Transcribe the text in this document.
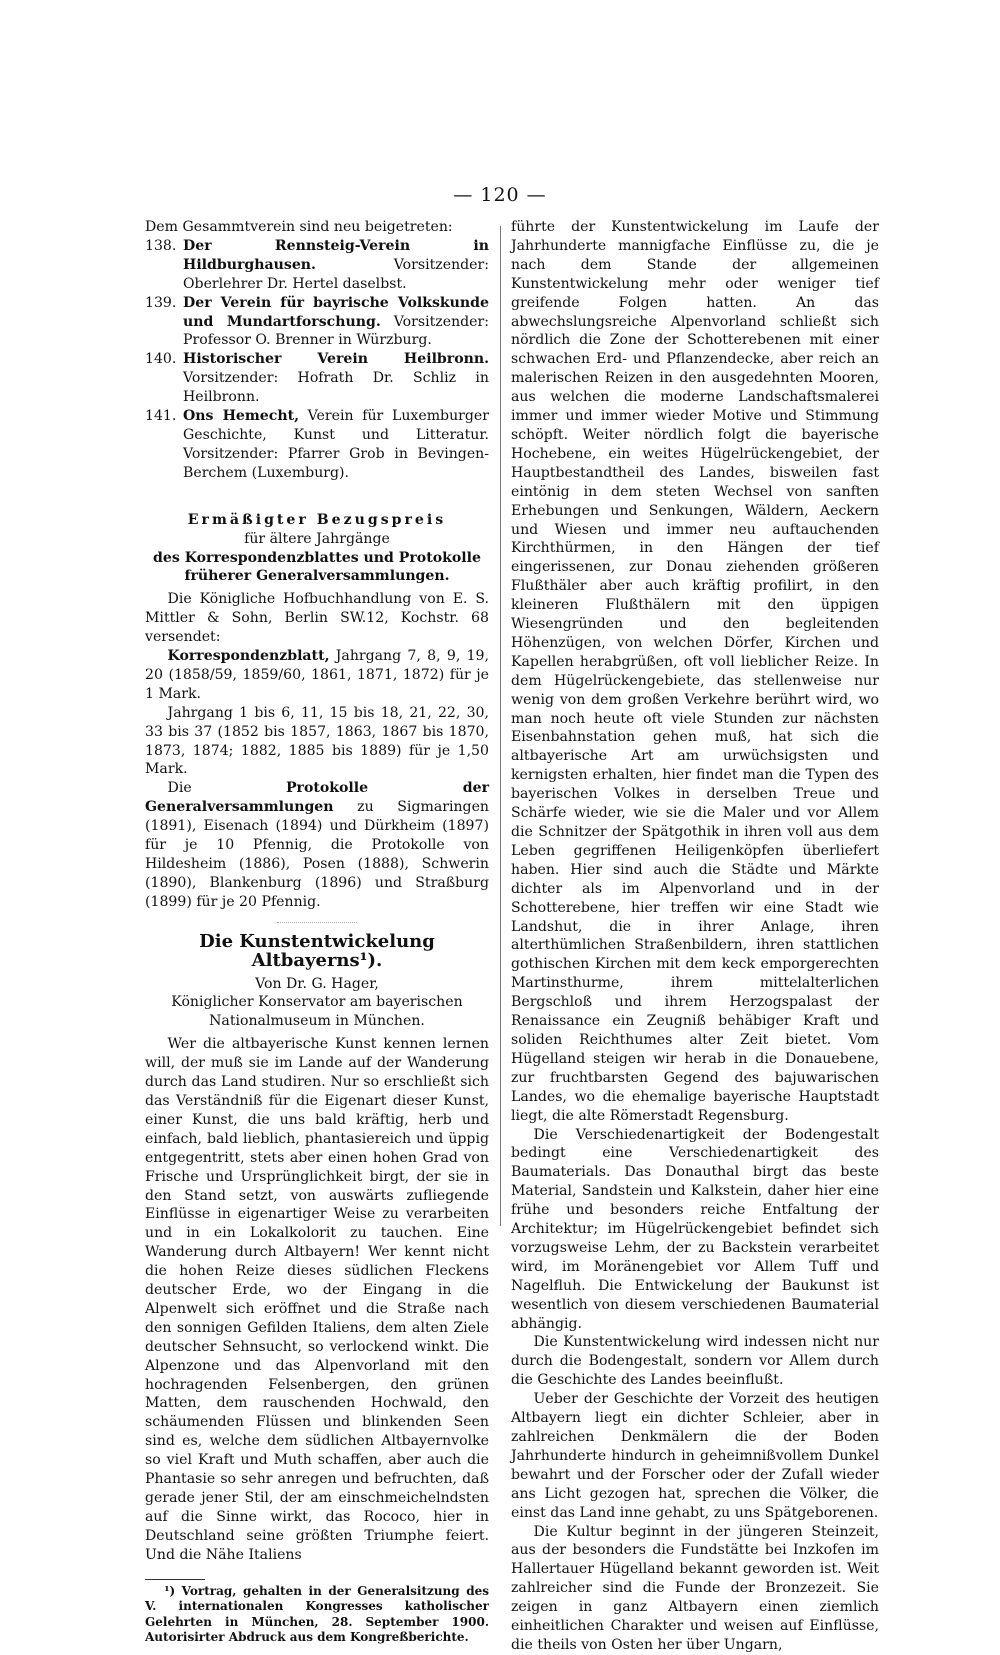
— 120 —

Dem Gesammtverein sind neu beigetreten:

138. Der Rennsteig-Verein in Hildburghausen.	Vorsitzender: Oberlehrer Dr. Hertel daselbst.
139. Der Verein für bayrische Volkskunde und Mundartforschung. Vorsitzender: Professor O. Brenner in Würzburg.
140. Historischer Verein Heilbronn. Vorsitzender: Hofrath Dr. Schliz in Heilbronn.
141. Ons Hemecht, Verein für Luxemburger Geschichte, Kunst und Litteratur. Vorsitzender: Pfarrer Grob in Bevingen-Berchem (Luxemburg).

Ermäßigter Bezugspreis

für ältere Jahrgänge

des Korrespondenzblattes und Protokolle früherer Generalversammlungen.

Die Königliche Hofbuchhandlung von E. S. Mittler & Sohn, Berlin SW.12, Kochstr. 68 versendet:

Korrespondenzblatt, Jahrgang 7, 8, 9, 19, 20 (1858/59, 1859/60, 1861, 1871, 1872) für je 1 Mark.

Jahrgang 1 bis 6, 11, 15 bis 18, 21, 22, 30, 33 bis 37 (1852 bis 1857, 1863, 1867 bis 1870, 1873, 1874; 1882, 1885 bis 1889) für je 1,50 Mark.

Die	Protokolle der Generalversammlungen zu Sigmaringen (1891), Eisenach (1894) und Dürkheim (1897) für je 10 Pfennig, die Protokolle von Hildesheim (1886), Posen (1888), Schwerin (1890), Blankenburg (1896) und Straßburg (1899) für je 20 Pfennig.

Die Kunstentwickelung Altbayerns¹).

Von Dr. G. Hager,

Königlicher Konservator am bayerischen Nationalmuseum in München.

Wer die altbayerische Kunst kennen lernen will, der muß sie im Lande auf der Wanderung durch das Land studiren. Nur so erschließt sich das Verständniß für die Eigenart dieser Kunst, einer Kunst, die uns bald kräftig, herb und einfach, bald lieblich, phantasiereich und üppig entgegentritt, stets aber einen hohen Grad von Frische und Ursprünglichkeit birgt, der sie in den Stand setzt, von auswärts zufliegende Einflüsse in eigenartiger Weise zu verarbeiten und in ein Lokalkolorit zu tauchen. Eine Wanderung durch Altbayern! Wer kennt nicht die hohen Reize dieses südlichen Fleckens deutscher Erde, wo der Eingang in die Alpenwelt sich eröffnet und die Straße nach den sonnigen Gefilden Italiens, dem alten Ziele deutscher Sehnsucht, so verlockend winkt. Die Alpenzone und das Alpenvorland mit den hochragenden Felsenbergen, den grünen Matten, dem rauschenden Hochwald, den schäumenden Flüssen und blinkenden Seen sind es, welche dem südlichen Altbayernvolke so viel Kraft und Muth schaffen, aber auch die Phantasie so sehr anregen und befruchten, daß gerade jener Stil, der am einschmeichelndsten auf die Sinne wirkt, das Rococo, hier in Deutschland seine größten Triumphe feiert. Und die Nähe Italiens

¹) Vortrag, gehalten in der Generalsitzung des V. internationalen Kongresses katholischer Gelehrten in München, 28. September 1900. Autorisirter Abdruck aus dem Kongreßberichte.

führte der Kunstentwickelung im Laufe der Jahrhunderte mannigfache Einflüsse zu, die je nach dem Stande der allgemeinen Kunstentwickelung mehr oder weniger tief greifende Folgen hatten. An das abwechslungsreiche Alpenvorland schließt sich nördlich die Zone der Schotterebenen mit einer schwachen Erd- und Pflanzendecke, aber reich an malerischen Reizen in den ausgedehnten Mooren, aus welchen die moderne Landschaftsmalerei immer und immer wieder Motive und Stimmung schöpft. Weiter nördlich folgt die bayerische Hochebene, ein weites Hügelrückengebiet, der Hauptbestandtheil des Landes, bisweilen fast eintönig in dem steten Wechsel von sanften Erhebungen und Senkungen, Wäldern, Aeckern und Wiesen und immer neu auftauchenden Kirchthürmen, in den Hängen der tief eingerissenen, zur Donau ziehenden größeren Flußthäler aber auch kräftig profilirt, in den kleineren Flußthälern mit den üppigen Wiesengründen und den begleitenden Höhenzügen, von welchen Dörfer, Kirchen und Kapellen herabgrüßen, oft voll lieblicher Reize. In dem Hügelrückengebiete, das stellenweise nur wenig von dem großen Verkehre berührt wird, wo man noch heute oft viele Stunden zur nächsten Eisenbahnstation gehen muß, hat sich die altbayerische Art am urwüchsigsten und kernigsten erhalten, hier findet man die Typen des bayerischen Volkes in derselben Treue und Schärfe wieder, wie sie die Maler und vor Allem die Schnitzer der Spätgothik in ihren voll aus dem Leben gegriffenen Heiligenköpfen überliefert haben. Hier sind auch die Städte und Märkte dichter als im Alpenvorland und in der Schotterebene, hier treffen wir eine Stadt wie Landshut, die in ihrer Anlage, ihren alterthümlichen Straßenbildern, ihren stattlichen gothischen Kirchen mit dem keck emporgerechten Martinsthurme, ihrem mittelalterlichen Bergschloß und ihrem Herzogspalast der Renaissance ein Zeugniß behäbiger Kraft und soliden Reichthumes alter Zeit bietet. Vom Hügelland steigen wir herab in die Donauebene, zur fruchtbarsten Gegend des bajuwarischen Landes, wo die ehemalige bayerische Hauptstadt liegt, die alte Römerstadt Regensburg.

Die Verschiedenartigkeit der Bodengestalt bedingt eine Verschiedenartigkeit des Baumaterials. Das Donauthal birgt das beste Material, Sandstein und Kalkstein, daher hier eine frühe und besonders reiche Entfaltung der Architektur; im Hügelrückengebiet befindet sich vorzugsweise Lehm, der zu Backstein verarbeitet wird, im Moränengebiet vor Allem Tuff und Nagelfluh. Die Entwickelung der Baukunst ist wesentlich von diesem verschiedenen Baumaterial abhängig.

Die Kunstentwickelung wird indessen nicht nur durch die Bodengestalt, sondern vor Allem durch die Geschichte des Landes beeinflußt.

Ueber der Geschichte der Vorzeit des heutigen Altbayern liegt ein dichter Schleier, aber in zahlreichen Denkmälern die der Boden Jahrhunderte hindurch in geheimnißvollem Dunkel bewahrt und der Forscher oder der Zufall wieder ans Licht gezogen hat, sprechen die Völker, die einst das Land inne gehabt, zu uns Spätgeborenen.

Die Kultur beginnt in der jüngeren Steinzeit, aus der besonders die Fundstätte bei Inzkofen im Hallertauer Hügelland bekannt geworden ist. Weit zahlreicher sind die Funde der Bronzezeit. Sie zeigen in ganz Altbayern einen ziemlich einheitlichen Charakter und weisen auf Einflüsse, die theils von Osten her über Ungarn,
